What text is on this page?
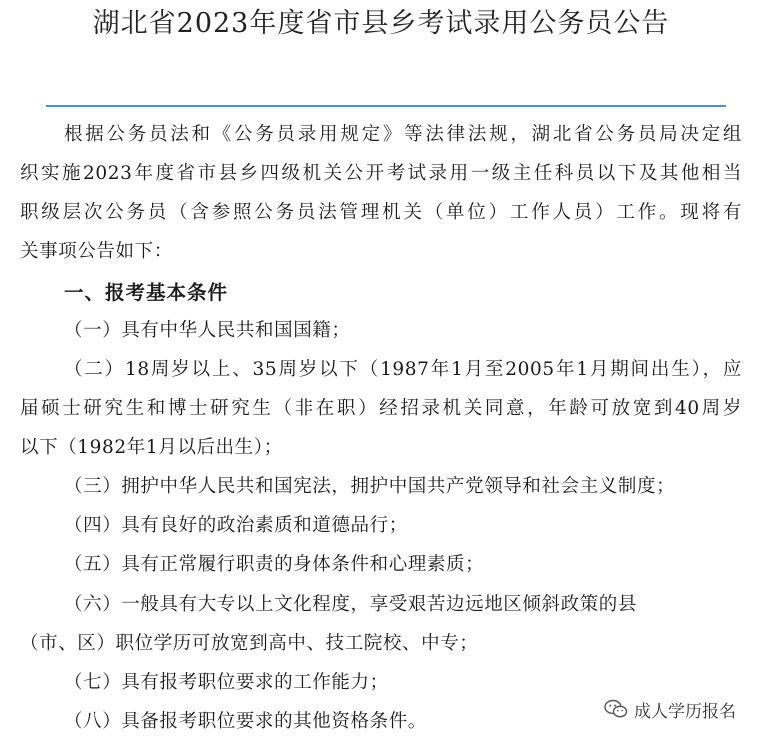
湖北省2023年度省市县乡考试录用公务员公告
根据公务员法和《公务员录用规定》等法律法规，湖北省公务员局决定组
织实施2023年度省市县乡四级机关公开考试录用一级主任科员以下及其他相当
职级层次公务员（含参照公务员法管理机关（单位）工作人员）工作。现将有
关事项公告如下：
一、报考基本条件
（一）具有中华人民共和国国籍；
（二）18周岁以上、35周岁以下（1987年1月至2005年1月期间出生），应
届硕士研究生和博士研究生（非在职）经招录机关同意，年龄可放宽到40周岁
以下（1982年1月以后出生）；
（三）拥护中华人民共和国宪法，拥护中国共产党领导和社会主义制度；
（四）具有良好的政治素质和道德品行；
（五）具有正常履行职责的身体条件和心理素质；
（六）一般具有大专以上文化程度，享受艰苦边远地区倾斜政策的县
（市、区）职位学历可放宽到高中、技工院校、中专；
（七）具有报考职位要求的工作能力；
（八）具备报考职位要求的其他资格条件。	成人学历报名
